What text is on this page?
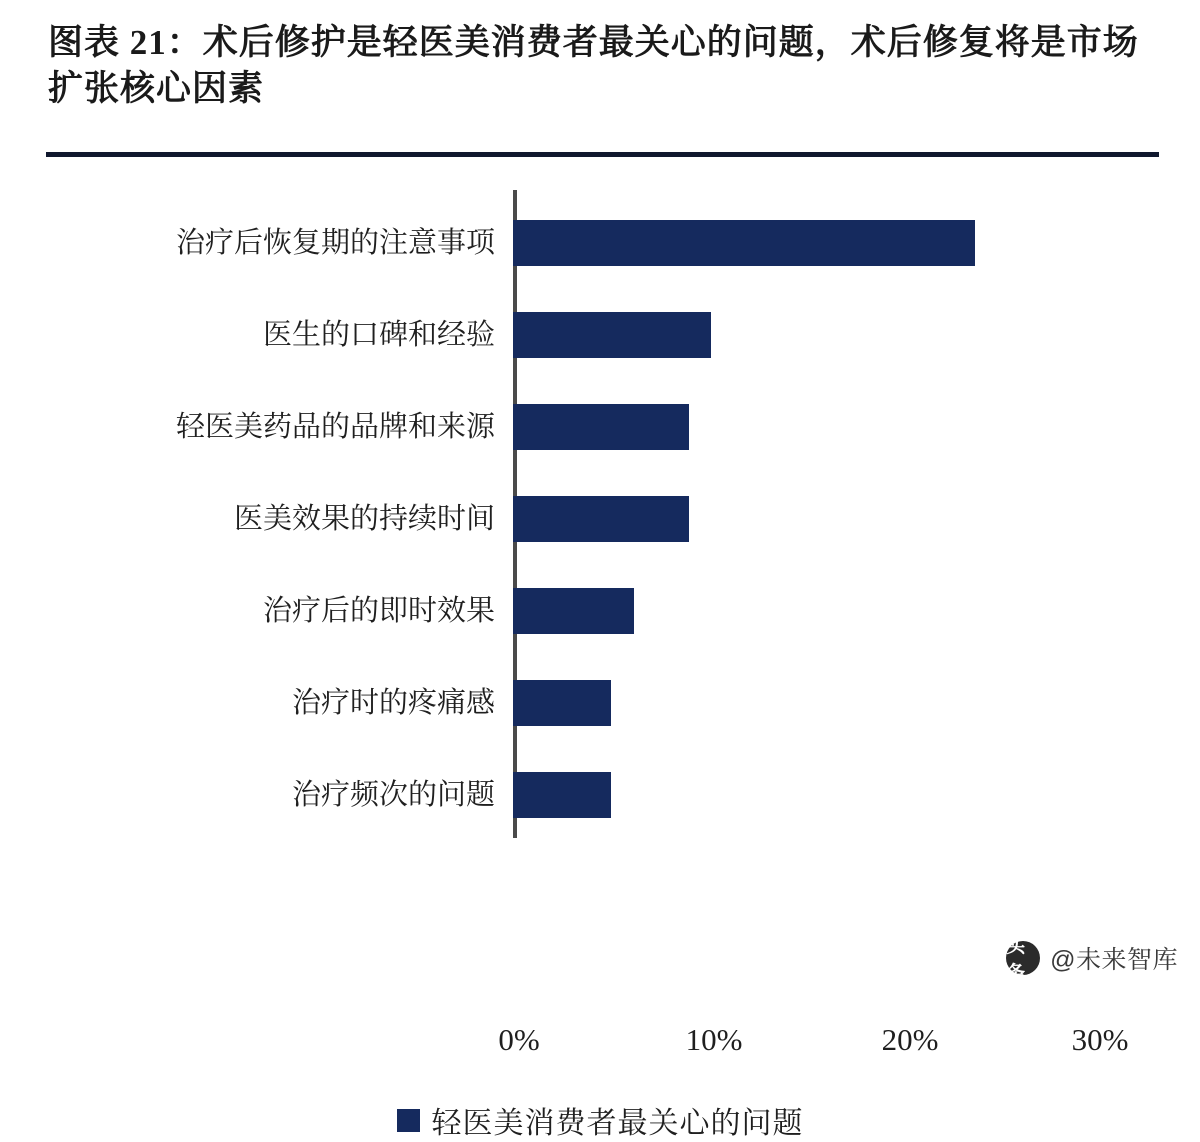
图表 21：术后修护是轻医美消费者最关心的问题，术后修复将是市场扩张核心因素
治疗后恢复期的注意事项
医生的口碑和经验
轻医美药品的品牌和来源
医美效果的持续时间
治疗后的即时效果
治疗时的疼痛感
治疗频次的问题
0%	10%	20%	30%
轻医美消费者最关心的问题
头条 @未来智库
